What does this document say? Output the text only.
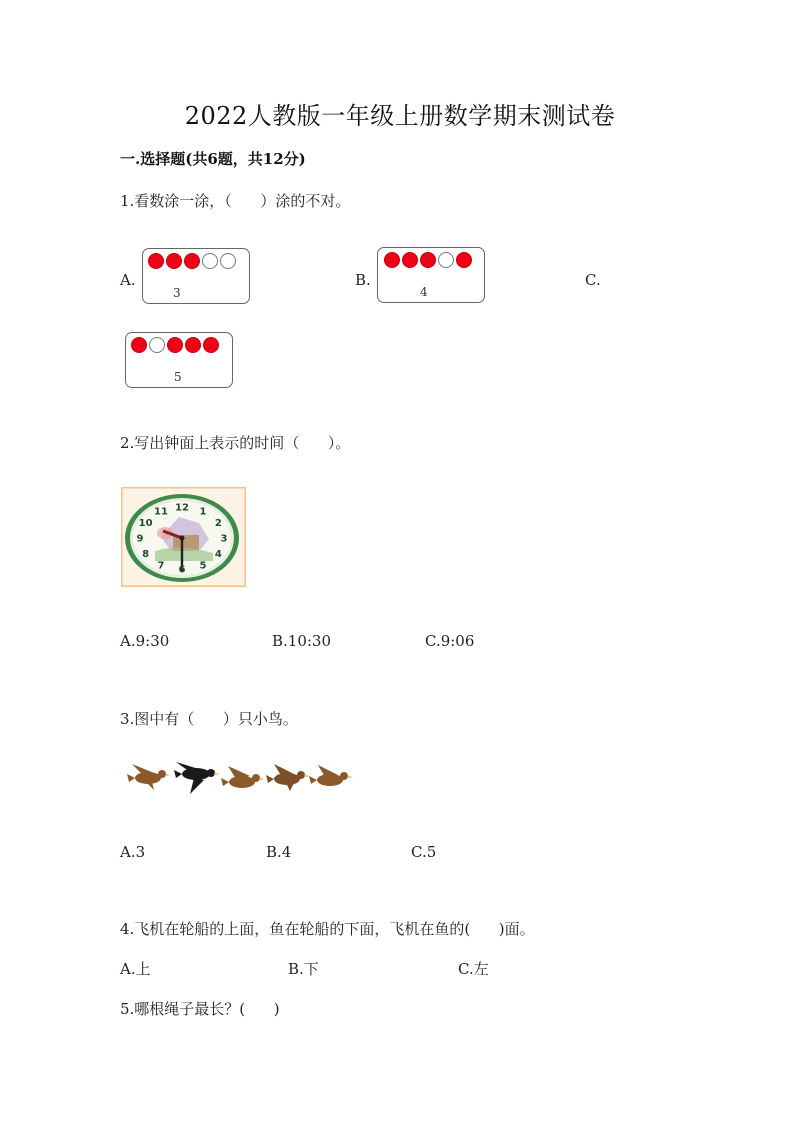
2022人教版一年级上册数学期末测试卷
一.选择题(共6题，共12分)
1.看数涂一涂，（      ）涂的不对。
A.
3
B.
4
C.
5
2.写出钟面上表示的时间（      ）。
12 1
2
3
4
5
6
7
8
9
10
11
A.9:30	B.10:30	C.9:06
3.图中有（      ）只小鸟。
A.3	B.4	C.5
4.飞机在轮船的上面，鱼在轮船的下面，飞机在鱼的(      )面。
A.上	B.下	C.左
5.哪根绳子最长？(      )
